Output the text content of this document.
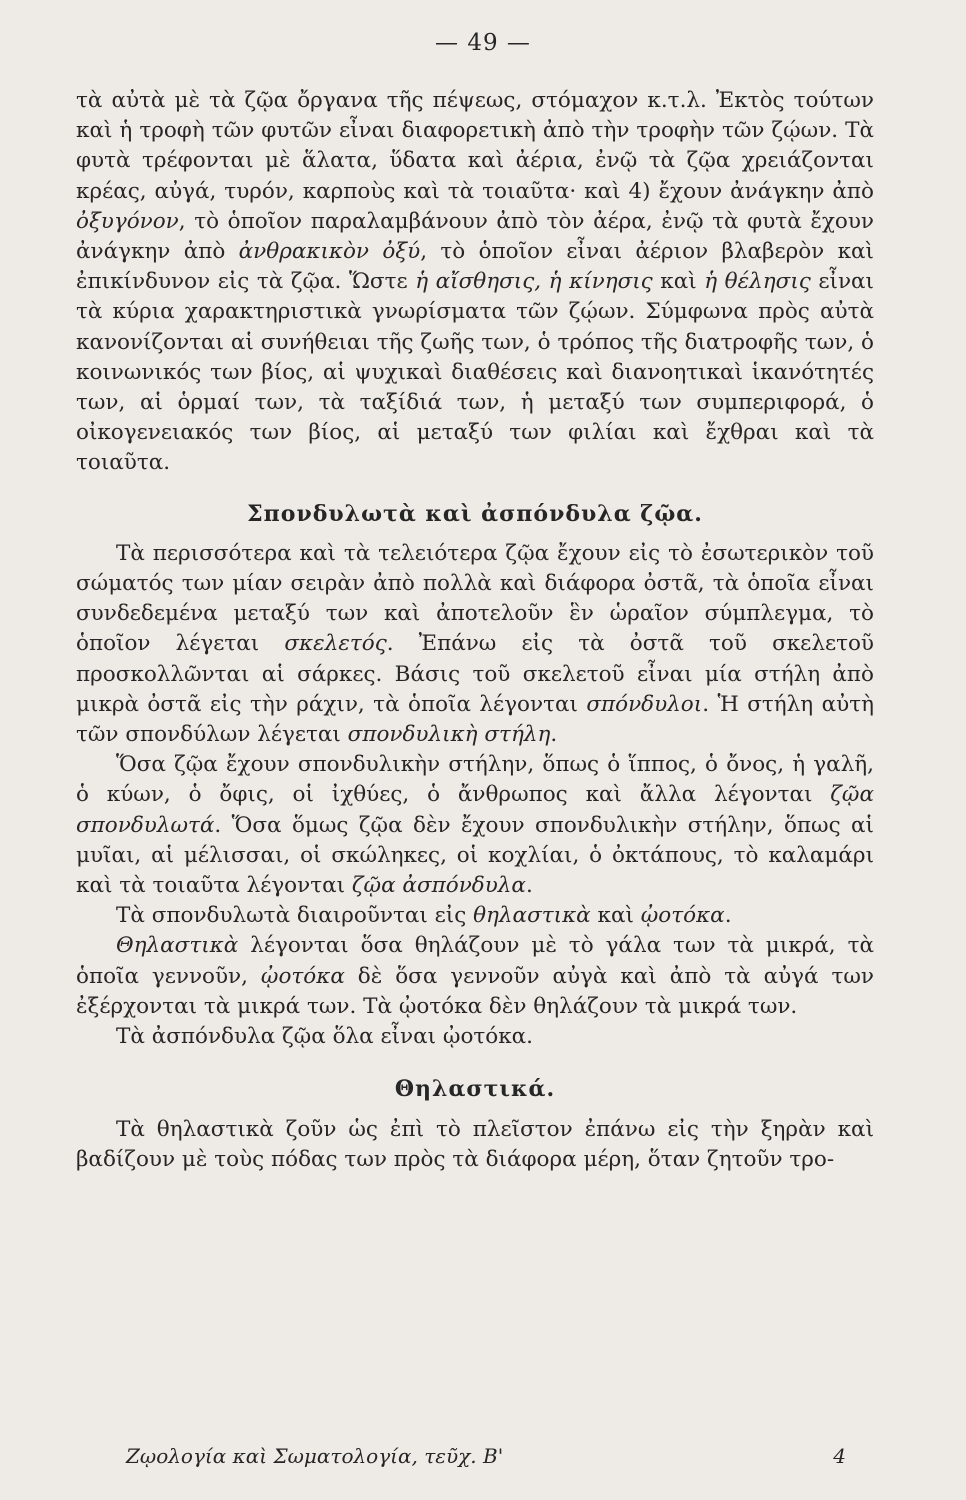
— 49 —

τὰ αὐτὰ μὲ τὰ ζῷα ὄργανα τῆς πέψεως, στόμαχον κ.τ.λ. Ἐκτὸς τούτων καὶ ἡ τροφὴ τῶν φυτῶν εἶναι διαφορετικὴ ἀπὸ τὴν τροφὴν τῶν ζῴων. Τὰ φυτὰ τρέφονται μὲ ἅλατα, ὕδατα καὶ ἀέρια, ἐνῷ τὰ ζῷα χρειάζονται κρέας, αὐγά, τυρόν, καρποὺς καὶ τὰ τοιαῦτα· καὶ 4) ἔχουν ἀνάγκην ἀπὸ ὀξυγόνον, τὸ ὁποῖον παραλαμβάνουν ἀπὸ τὸν ἀέρα, ἐνῷ τὰ φυτὰ ἔχουν ἀνάγκην ἀπὸ ἀνθρακικὸν ὀξύ, τὸ ὁποῖον εἶναι ἀέριον βλαβερὸν καὶ ἐπικίνδυνον εἰς τὰ ζῷα. Ὥστε ἡ αἴσθησις, ἡ κίνησις καὶ ἡ θέλησις εἶναι τὰ κύρια χαρακτηριστικὰ γνωρίσματα τῶν ζῴων. Σύμφωνα πρὸς αὐτὰ κανονίζονται αἱ συνήθειαι τῆς ζωῆς των, ὁ τρόπος τῆς διατροφῆς των, ὁ κοινωνικός των βίος, αἱ ψυχικαὶ διαθέσεις καὶ διανοητικαὶ ἱκανότητές των, αἱ ὁρμαί των, τὰ ταξίδιά των, ἡ μεταξύ των συμπεριφορά, ὁ οἰκογενειακός των βίος, αἱ μεταξύ των φιλίαι καὶ ἔχθραι καὶ τὰ τοιαῦτα.

Σπονδυλωτὰ καὶ ἀσπόνδυλα ζῷα.

Τὰ περισσότερα καὶ τὰ τελειότερα ζῷα ἔχουν εἰς τὸ ἐσωτερικὸν τοῦ σώματός των μίαν σειρὰν ἀπὸ πολλὰ καὶ διάφορα ὀστᾶ, τὰ ὁποῖα εἶναι συνδεδεμένα μεταξύ των καὶ ἀποτελοῦν ἓν ὡραῖον σύμπλεγμα, τὸ ὁποῖον λέγεται σκελετός. Ἐπάνω εἰς τὰ ὀστᾶ τοῦ σκελετοῦ προσκολλῶνται αἱ σάρκες. Βάσις τοῦ σκελετοῦ εἶναι μία στήλη ἀπὸ μικρὰ ὀστᾶ εἰς τὴν ράχιν, τὰ ὁποῖα λέγονται σπόνδυλοι. Ἡ στήλη αὐτὴ τῶν σπονδύλων λέγεται σπονδυλικὴ στήλη.

Ὅσα ζῷα ἔχουν σπονδυλικὴν στήλην, ὅπως ὁ ἵππος, ὁ ὄνος, ἡ γαλῆ, ὁ κύων, ὁ ὄφις, οἱ ἰχθύες, ὁ ἄνθρωπος καὶ ἄλλα λέγονται ζῷα σπονδυλωτά. Ὅσα ὅμως ζῷα δὲν ἔχουν σπονδυλικὴν στήλην, ὅπως αἱ μυῖαι, αἱ μέλισσαι, οἱ σκώληκες, οἱ κοχλίαι, ὁ ὀκτάπους, τὸ καλαμάρι καὶ τὰ τοιαῦτα λέγονται ζῷα ἀσπόνδυλα.

Τὰ σπονδυλωτὰ διαιροῦνται εἰς θηλαστικὰ καὶ ᾠοτόκα.

Θηλαστικὰ λέγονται ὅσα θηλάζουν μὲ τὸ γάλα των τὰ μικρά, τὰ ὁποῖα γεννοῦν, ᾠοτόκα δὲ ὅσα γεννοῦν αὐγὰ καὶ ἀπὸ τὰ αὐγά των ἐξέρχονται τὰ μικρά των. Τὰ ᾠοτόκα δὲν θηλάζουν τὰ μικρά των.

Τὰ ἀσπόνδυλα ζῷα ὅλα εἶναι ᾠοτόκα.

Θηλαστικά.

Τὰ θηλαστικὰ ζοῦν ὡς ἐπὶ τὸ πλεῖστον ἐπάνω εἰς τὴν ξηρὰν καὶ βαδίζουν μὲ τοὺς πόδας των πρὸς τὰ διάφορα μέρη, ὅταν ζητοῦν τρο-

Ζῳολογία καὶ Σωματολογία, τεῦχ. Β'	4
